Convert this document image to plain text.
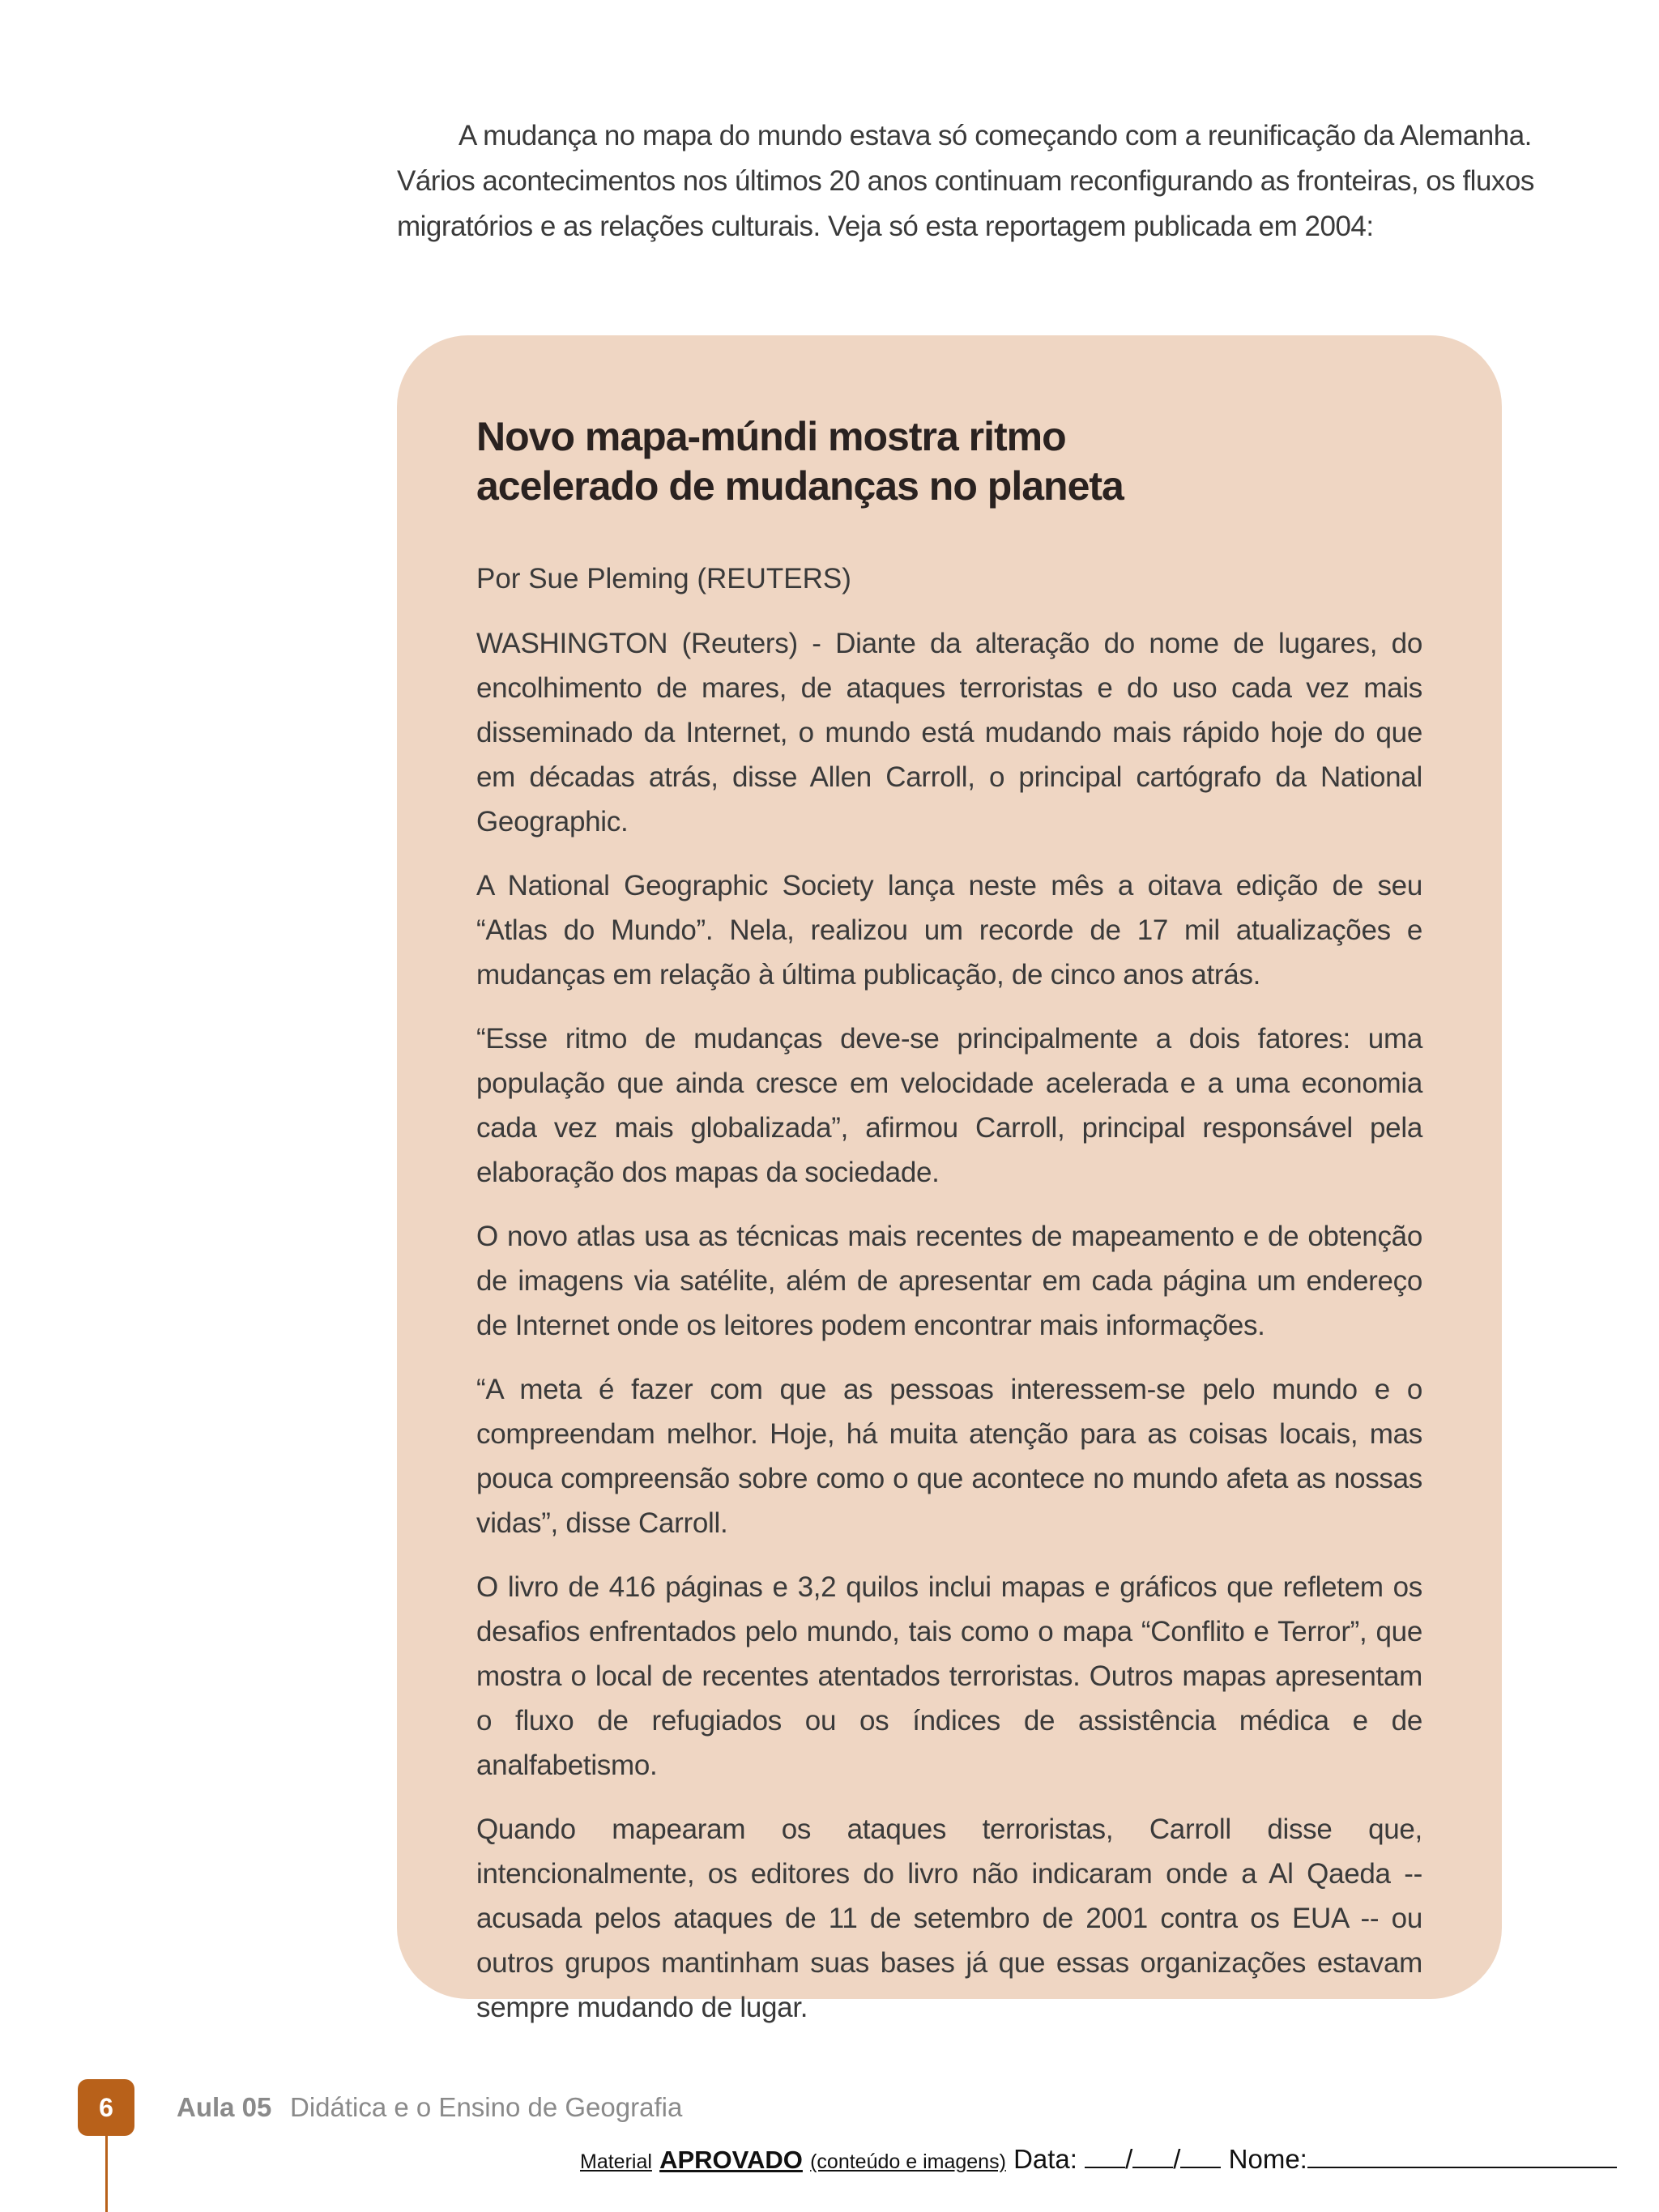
A mudança no mapa do mundo estava só começando com a reunificação da Alemanha.
Vários acontecimentos nos últimos 20 anos continuam reconfigurando as fronteiras, os fluxos
migratórios e as relações culturais. Veja só esta reportagem publicada em 2004:
Novo mapa-múndi mostra ritmo
acelerado de mudanças no planeta

Por Sue Pleming (REUTERS)

WASHINGTON (Reuters) - Diante da alteração do nome de lugares, do encolhimento de mares, de ataques terroristas e do uso cada vez mais disseminado da Internet, o mundo está mudando mais rápido hoje do que em décadas atrás, disse Allen Carroll, o principal cartógrafo da National Geographic.

A National Geographic Society lança neste mês a oitava edição de seu “Atlas do Mundo”. Nela, realizou um recorde de 17 mil atualizações e mudanças em relação à última publicação, de cinco anos atrás.

“Esse ritmo de mudanças deve-se principalmente a dois fatores: uma população que ainda cresce em velocidade acelerada e a uma economia cada vez mais globalizada”, afirmou Carroll, principal responsável pela elaboração dos mapas da sociedade.

O novo atlas usa as técnicas mais recentes de mapeamento e de obtenção de imagens via satélite, além de apresentar em cada página um endereço de Internet onde os leitores podem encontrar mais informações.

“A meta é fazer com que as pessoas interessem-se pelo mundo e o compreendam melhor. Hoje, há muita atenção para as coisas locais, mas pouca compreensão sobre como o que acontece no mundo afeta as nossas vidas”, disse Carroll.

O livro de 416 páginas e 3,2 quilos inclui mapas e gráficos que refletem os desafios enfrentados pelo mundo, tais como o mapa “Conflito e Terror”, que mostra o local de recentes atentados terroristas. Outros mapas apresentam o fluxo de refugiados ou os índices de assistência médica e de analfabetismo.

Quando mapearam os ataques terroristas, Carroll disse que, intencionalmente, os editores do livro não indicaram onde a Al Qaeda -- acusada pelos ataques de 11 de setembro de 2001 contra os EUA -- ou outros grupos mantinham suas bases já que essas organizações estavam sempre mudando de lugar.

6	Aula 05 Didática e o Ensino de Geografia
Material APROVADO (conteúdo e imagens) Data: / / Nome:
